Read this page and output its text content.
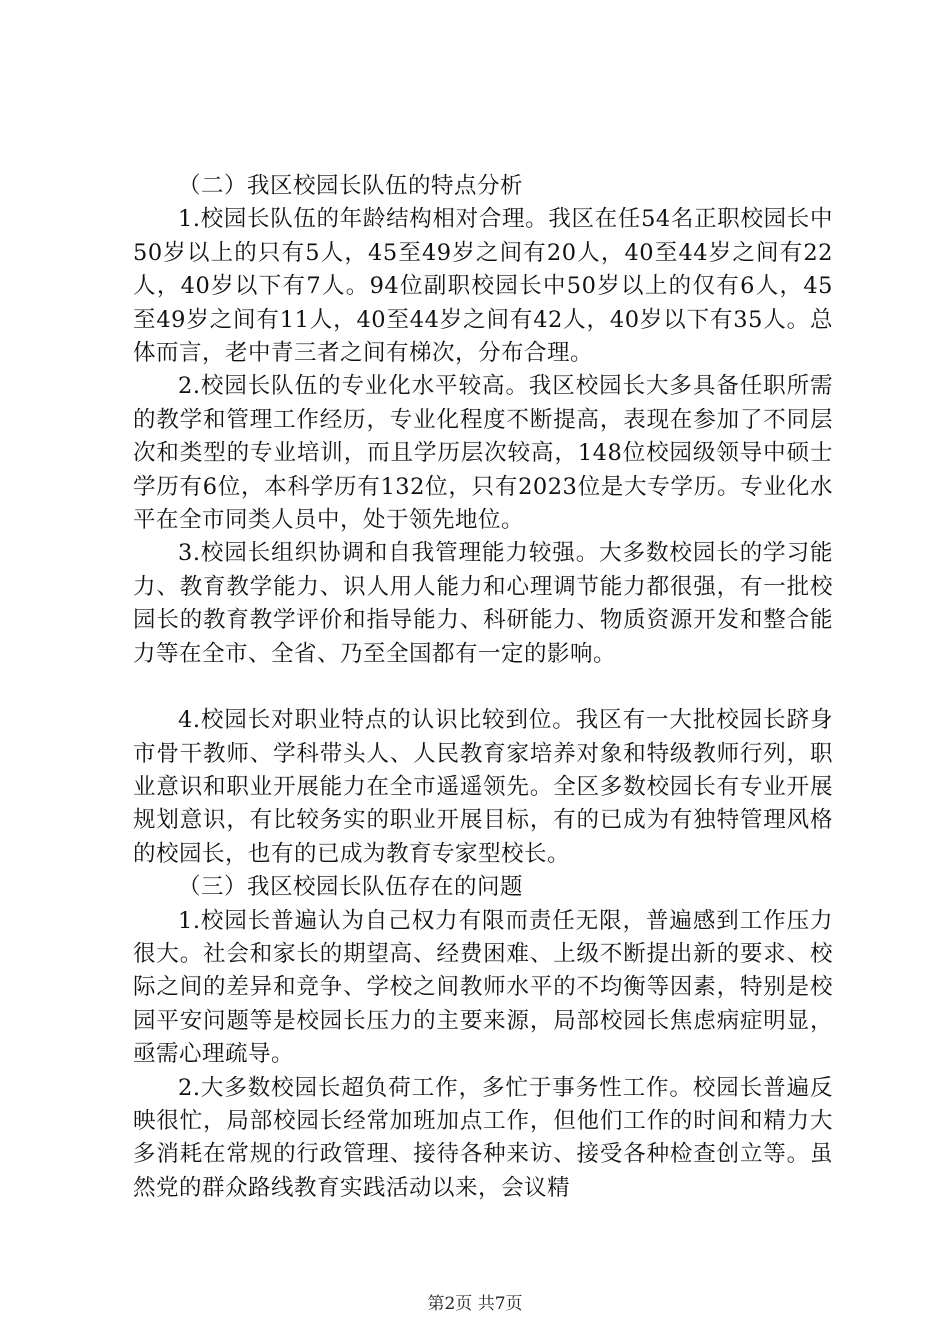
（二）我区校园长队伍的特点分析

1.校园长队伍的年龄结构相对合理。我区在任54名正职校园长中50岁以上的只有5人，45至49岁之间有20人，40至44岁之间有22人，40岁以下有7人。94位副职校园长中50岁以上的仅有6人，45至49岁之间有11人，40至44岁之间有42人，40岁以下有35人。总体而言，老中青三者之间有梯次，分布合理。

2.校园长队伍的专业化水平较高。我区校园长大多具备任职所需的教学和管理工作经历，专业化程度不断提高，表现在参加了不同层次和类型的专业培训，而且学历层次较高，148位校园级领导中硕士学历有6位，本科学历有132位，只有2023位是大专学历。专业化水平在全市同类人员中，处于领先地位。

3.校园长组织协调和自我管理能力较强。大多数校园长的学习能力、教育教学能力、识人用人能力和心理调节能力都很强，有一批校园长的教育教学评价和指导能力、科研能力、物质资源开发和整合能力等在全市、全省、乃至全国都有一定的影响。

4.校园长对职业特点的认识比较到位。我区有一大批校园长跻身市骨干教师、学科带头人、人民教育家培养对象和特级教师行列，职业意识和职业开展能力在全市遥遥领先。全区多数校园长有专业开展规划意识，有比较务实的职业开展目标，有的已成为有独特管理风格的校园长，也有的已成为教育专家型校长。

（三）我区校园长队伍存在的问题

1.校园长普遍认为自己权力有限而责任无限，普遍感到工作压力很大。社会和家长的期望高、经费困难、上级不断提出新的要求、校际之间的差异和竞争、学校之间教师水平的不均衡等因素，特别是校园平安问题等是校园长压力的主要来源，局部校园长焦虑病症明显，亟需心理疏导。

2.大多数校园长超负荷工作，多忙于事务性工作。校园长普遍反映很忙，局部校园长经常加班加点工作，但他们工作的时间和精力大多消耗在常规的行政管理、接待各种来访、接受各种检查创立等。虽然党的群众路线教育实践活动以来，会议精

第2页 共7页
